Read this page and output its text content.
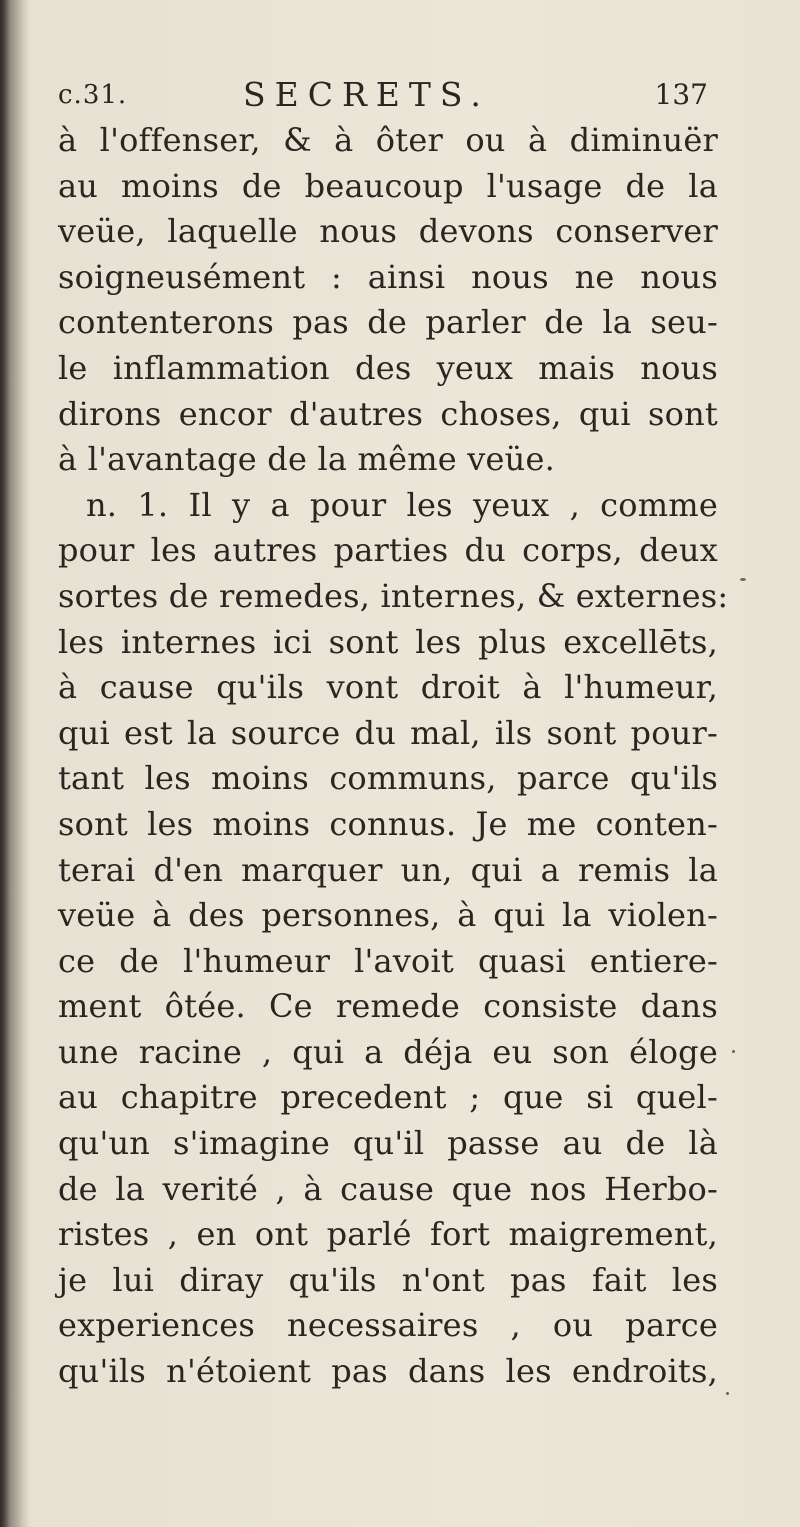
c.31.	SECRETS.	137
à l'offenser, & à ôter ou à diminuër
au moins de beaucoup l'usage de la
veüe, laquelle nous devons conserver
soigneusément : ainsi nous ne nous
contenterons pas de parler de la seu-
le inflammation des yeux mais nous
dirons encor d'autres choses, qui sont
à l'avantage de la même veüe.
n. 1. Il y a pour les yeux , comme
pour les autres parties du corps, deux
sortes de remedes, internes, & externes:
les internes ici sont les plus excellēts,
à cause qu'ils vont droit à l'humeur,
qui est la source du mal, ils sont pour-
tant les moins communs, parce qu'ils
sont les moins connus. Je me conten-
terai d'en marquer un, qui a remis la
veüe à des personnes, à qui la violen-
ce de l'humeur l'avoit quasi entiere-
ment ôtée. Ce remede consiste dans
une racine , qui a déja eu son éloge
au chapitre precedent ; que si quel-
qu'un s'imagine qu'il passe au de là
de la verité , à cause que nos Herbo-
ristes , en ont parlé fort maigrement,
je lui diray qu'ils n'ont pas fait les
experiences necessaires , ou parce
qu'ils n'étoient pas dans les endroits,
